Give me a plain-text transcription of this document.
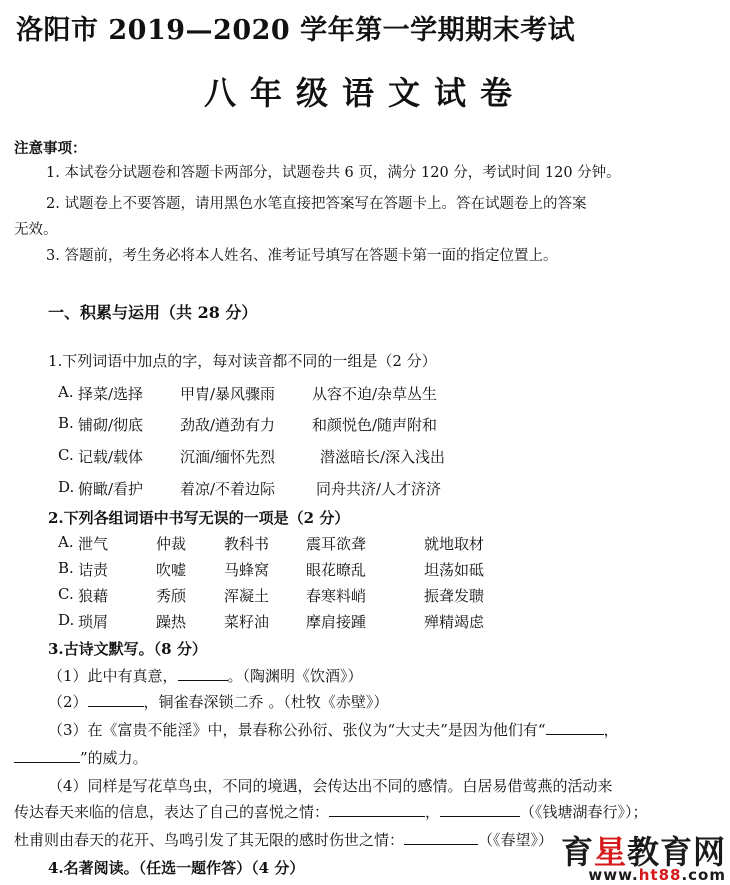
洛阳市 2019—2020 学年第一学期期末考试
八年级语文试卷
注意事项：
1. 本试卷分试题卷和答题卡两部分，试题卷共 6 页，满分 120 分，考试时间 120 分钟。
2. 试题卷上不要答题，请用黑色水笔直接把答案写在答题卡上。答在试题卷上的答案
无效。
3. 答题前，考生务必将本人姓名、准考证号填写在答题卡第一面的指定位置上。
一、积累与运用（共 28 分）
1.下列词语中加点的字，每对读音都不同的一组是（2 分）
A. 择菜/选择 甲胄/暴风骤雨 从容不迫/杂草丛生
B. 铺砌/彻底 劲敌/遒劲有力 和颜悦色/随声附和
C. 记载/载体 沉湎/缅怀先烈	潜滋暗长/深入浅出
D. 俯瞰/看护 着凉/不着边际	同舟共济/人才济济
2.下列各组词语中书写无误的一项是（2 分）
A. 泄气	仲裁	教科书 震耳欲聋	就地取材
B. 诘责	吹嘘	马蜂窝 眼花暸乱	坦荡如砥
C. 狼藉	秀颀	浑凝土 春寒料峭	振聋发聩
D. 琐屑	躁热	菜籽油 摩肩接踵	殚精竭虑
3.古诗文默写。（8 分）
（1）此中有真意，	。（陶渊明《饮酒》）
（2）	，铜雀春深锁二乔 。（杜牧《赤壁》）
（3）在《富贵不能淫》中，景春称公孙衍、张仪为“大丈夫”是因为他们有“	，
”的威力。
（4）同样是写花草鸟虫，不同的境遇，会传达出不同的感情。白居易借莺燕的活动来
传达春天来临的信息，表达了自己的喜悦之情：	，	（《钱塘湖春行》）；
杜甫则由春天的花开、鸟鸣引发了其无限的感时伤世之情：	（《春望》）
4.名著阅读。（任选一题作答）（4 分）	育星教育网
www.ht88.com
